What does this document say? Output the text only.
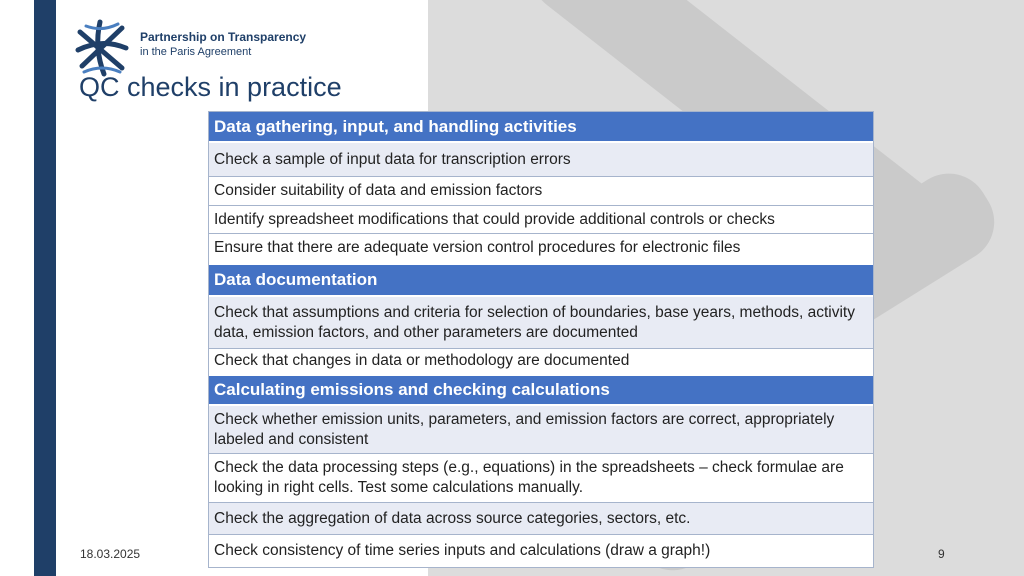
Partnership on Transparency
in the Paris Agreement
QC checks in practice
Data gathering, input, and handling activities
Check a sample of input data for transcription errors
Consider suitability of data and emission factors
Identify spreadsheet modifications that could provide additional controls or checks
Ensure that there are adequate version control procedures for electronic files
Data documentation
Check that assumptions and criteria for selection of boundaries, base years, methods, activity data, emission factors, and other parameters are documented
Check that changes in data or methodology are documented
Calculating emissions and checking calculations
Check whether emission units, parameters, and emission factors are correct, appropriately labeled and consistent
Check the data processing steps (e.g., equations) in the spreadsheets – check formulae are looking in right cells. Test some calculations manually.
Check the aggregation of data across source categories, sectors, etc.
Check consistency of time series inputs and calculations (draw a graph!)
18.03.2025	9
